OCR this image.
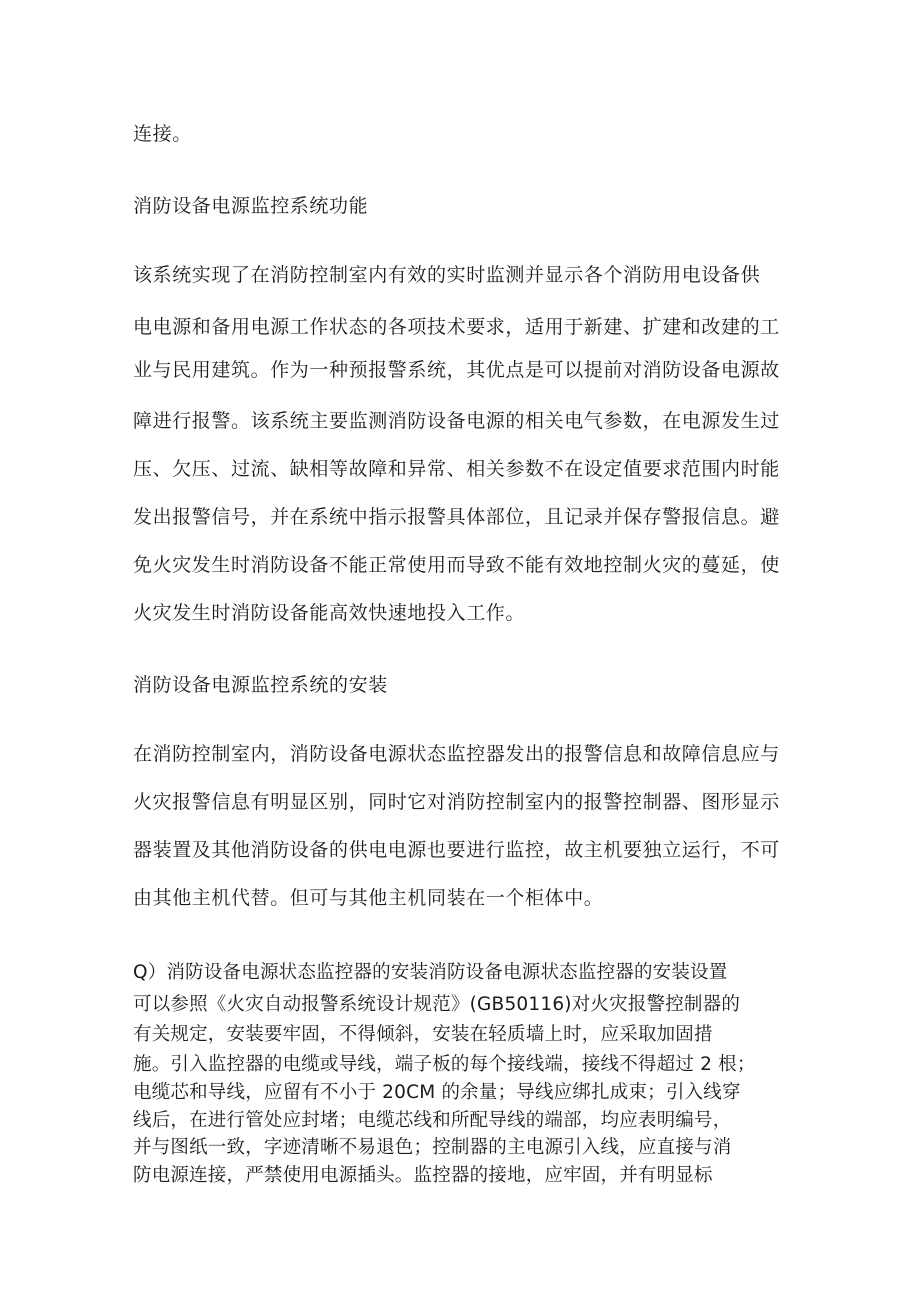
连接。
消防设备电源监控系统功能
该系统实现了在消防控制室内有效的实时监测并显示各个消防用电设备供
电电源和备用电源工作状态的各项技术要求，适用于新建、扩建和改建的工
业与民用建筑。作为一种预报警系统，其优点是可以提前对消防设备电源故
障进行报警。该系统主要监测消防设备电源的相关电气参数，在电源发生过
压、欠压、过流、缺相等故障和异常、相关参数不在设定值要求范围内时能
发出报警信号，并在系统中指示报警具体部位，且记录并保存警报信息。避
免火灾发生时消防设备不能正常使用而导致不能有效地控制火灾的蔓延，使
火灾发生时消防设备能高效快速地投入工作。
消防设备电源监控系统的安装
在消防控制室内，消防设备电源状态监控器发出的报警信息和故障信息应与
火灾报警信息有明显区别，同时它对消防控制室内的报警控制器、图形显示
器装置及其他消防设备的供电电源也要进行监控，故主机要独立运行，不可
由其他主机代替。但可与其他主机同装在一个柜体中。
Q）消防设备电源状态监控器的安装消防设备电源状态监控器的安装设置
可以参照《火灾自动报警系统设计规范》(GB50116)对火灾报警控制器的
有关规定，安装要牢固，不得倾斜，安装在轻质墙上时，应采取加固措
施。引入监控器的电缆或导线，端子板的每个接线端，接线不得超过 2 根；
电缆芯和导线，应留有不小于 20CM 的余量；导线应绑扎成束；引入线穿
线后，在进行管处应封堵；电缆芯线和所配导线的端部，均应表明编号，
并与图纸一致，字迹清晰不易退色；控制器的主电源引入线，应直接与消
防电源连接，严禁使用电源插头。监控器的接地，应牢固，并有明显标
